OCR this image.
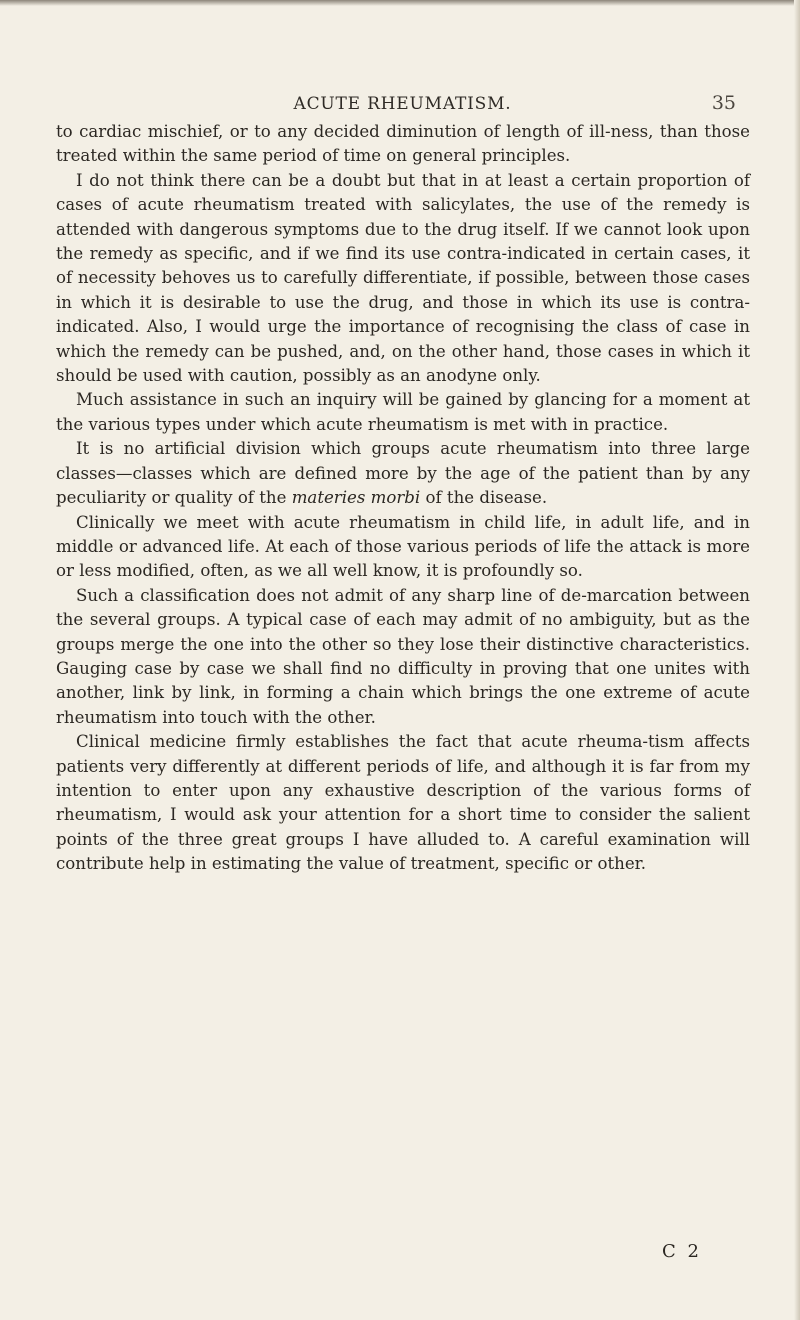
ACUTE RHEUMATISM.	35

to cardiac mischief, or to any decided diminution of length of ill-ness, than those treated within the same period of time on general principles.

I do not think there can be a doubt but that in at least a certain proportion of cases of acute rheumatism treated with salicylates, the use of the remedy is attended with dangerous symptoms due to the drug itself. If we cannot look upon the remedy as specific, and if we find its use contra-indicated in certain cases, it of necessity behoves us to carefully differentiate, if possible, between those cases in which it is desirable to use the drug, and those in which its use is contra-indicated. Also, I would urge the importance of recognising the class of case in which the remedy can be pushed, and, on the other hand, those cases in which it should be used with caution, possibly as an anodyne only.

Much assistance in such an inquiry will be gained by glancing for a moment at the various types under which acute rheumatism is met with in practice.

It is no artificial division which groups acute rheumatism into three large classes—classes which are defined more by the age of the patient than by any peculiarity or quality of the materies morbi of the disease.

Clinically we meet with acute rheumatism in child life, in adult life, and in middle or advanced life. At each of those various periods of life the attack is more or less modified, often, as we all well know, it is profoundly so.

Such a classification does not admit of any sharp line of de-marcation between the several groups. A typical case of each may admit of no ambiguity, but as the groups merge the one into the other so they lose their distinctive characteristics. Gauging case by case we shall find no difficulty in proving that one unites with another, link by link, in forming a chain which brings the one extreme of acute rheumatism into touch with the other.

Clinical medicine firmly establishes the fact that acute rheuma-tism affects patients very differently at different periods of life, and although it is far from my intention to enter upon any exhaustive description of the various forms of rheumatism, I would ask your attention for a short time to consider the salient points of the three great groups I have alluded to. A careful examination will contribute help in estimating the value of treatment, specific or other.

C 2
